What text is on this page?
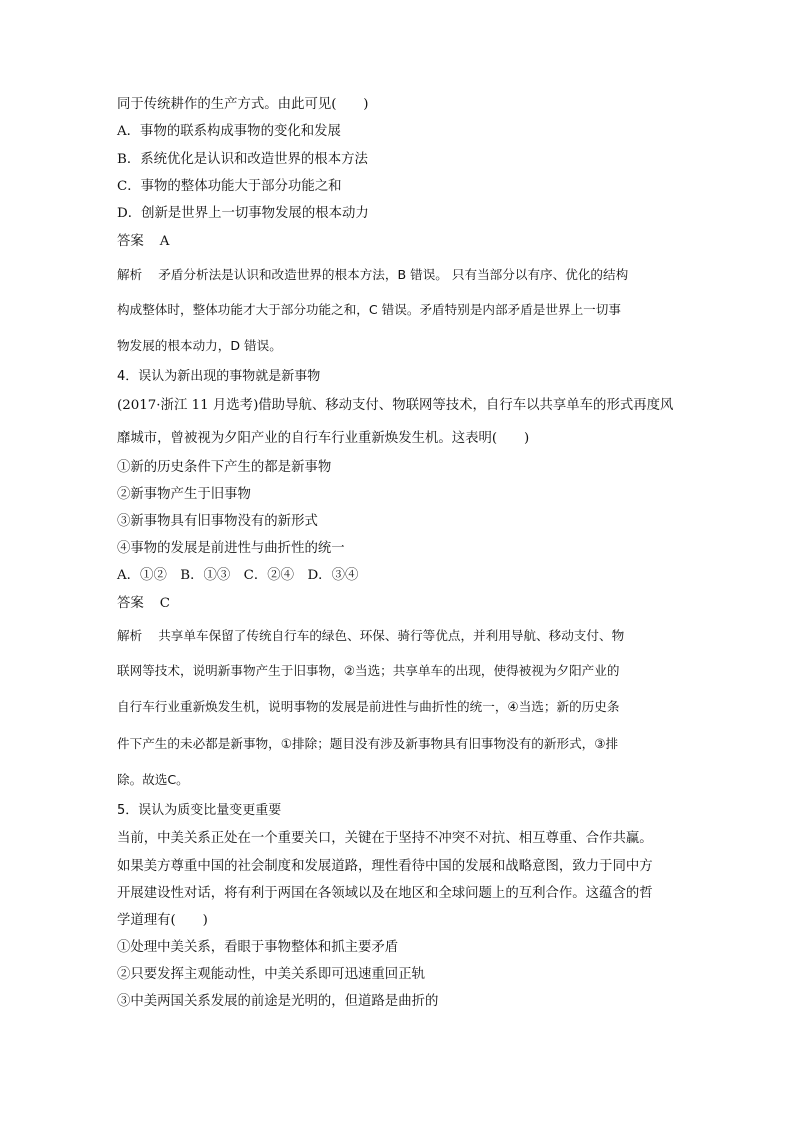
同于传统耕作的生产方式。由此可见(　　)
A．事物的联系构成事物的变化和发展
B．系统优化是认识和改造世界的根本方法
C．事物的整体功能大于部分功能之和
D．创新是世界上一切事物发展的根本动力
答案 A
解析 矛盾分析法是认识和改造世界的根本方法，B 错误。 只有当部分以有序、优化的结构
构成整体时，整体功能才大于部分功能之和，C 错误。矛盾特别是内部矛盾是世界上一切事
物发展的根本动力，D 错误。
4．误认为新出现的事物就是新事物
(2017·浙江 11 月选考)借助导航、移动支付、物联网等技术，自行车以共享单车的形式再度风
靡城市，曾被视为夕阳产业的自行车行业重新焕发生机。这表明(　　)
①新的历史条件下产生的都是新事物
②新事物产生于旧事物
③新事物具有旧事物没有的新形式
④事物的发展是前进性与曲折性的统一
A．①②　B．①③　C．②④　D．③④
答案 C
解析 共享单车保留了传统自行车的绿色、环保、骑行等优点，并利用导航、移动支付、物
联网等技术，说明新事物产生于旧事物，②当选；共享单车的出现，使得被视为夕阳产业的
自行车行业重新焕发生机，说明事物的发展是前进性与曲折性的统一，④当选；新的历史条
件下产生的未必都是新事物，①排除；题目没有涉及新事物具有旧事物没有的新形式，③排
除。故选C。
5．误认为质变比量变更重要
当前，中美关系正处在一个重要关口，关键在于坚持不冲突不对抗、相互尊重、合作共赢。
如果美方尊重中国的社会制度和发展道路，理性看待中国的发展和战略意图，致力于同中方
开展建设性对话，将有利于两国在各领域以及在地区和全球问题上的互利合作。这蕴含的哲
学道理有(　　)
①处理中美关系，看眼于事物整体和抓主要矛盾
②只要发挥主观能动性，中美关系即可迅速重回正轨
③中美两国关系发展的前途是光明的，但道路是曲折的
